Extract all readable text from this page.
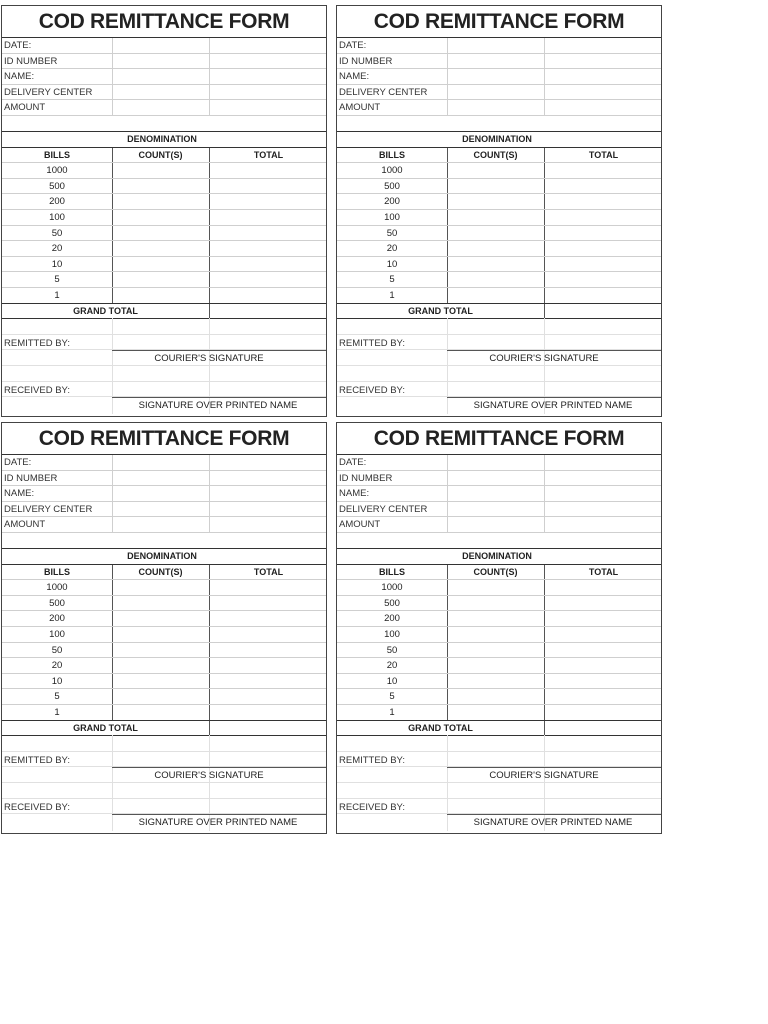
COD REMITTANCE FORM
DATE:
ID NUMBER
NAME:
DELIVERY CENTER
AMOUNT
DENOMINATION
BILLS	COUNT(S)	TOTAL
1000
500
200
100
50
20
10
5
1
GRAND TOTAL
REMITTED BY:
COURIER'S SIGNATURE
RECEIVED BY:
SIGNATURE OVER PRINTED NAME
COD REMITTANCE FORM
DATE:
ID NUMBER
NAME:
DELIVERY CENTER
AMOUNT
DENOMINATION
BILLS	COUNT(S)	TOTAL
1000
500
200
100
50
20
10
5
1
GRAND TOTAL
REMITTED BY:
COURIER'S SIGNATURE
RECEIVED BY:
SIGNATURE OVER PRINTED NAME
COD REMITTANCE FORM
DATE:
ID NUMBER
NAME:
DELIVERY CENTER
AMOUNT
DENOMINATION
BILLS	COUNT(S)	TOTAL
1000
500
200
100
50
20
10
5
1
GRAND TOTAL
REMITTED BY:
COURIER'S SIGNATURE
RECEIVED BY:
SIGNATURE OVER PRINTED NAME
COD REMITTANCE FORM
DATE:
ID NUMBER
NAME:
DELIVERY CENTER
AMOUNT
DENOMINATION
BILLS	COUNT(S)	TOTAL
1000
500
200
100
50
20
10
5
1
GRAND TOTAL
REMITTED BY:
COURIER'S SIGNATURE
RECEIVED BY:
SIGNATURE OVER PRINTED NAME
